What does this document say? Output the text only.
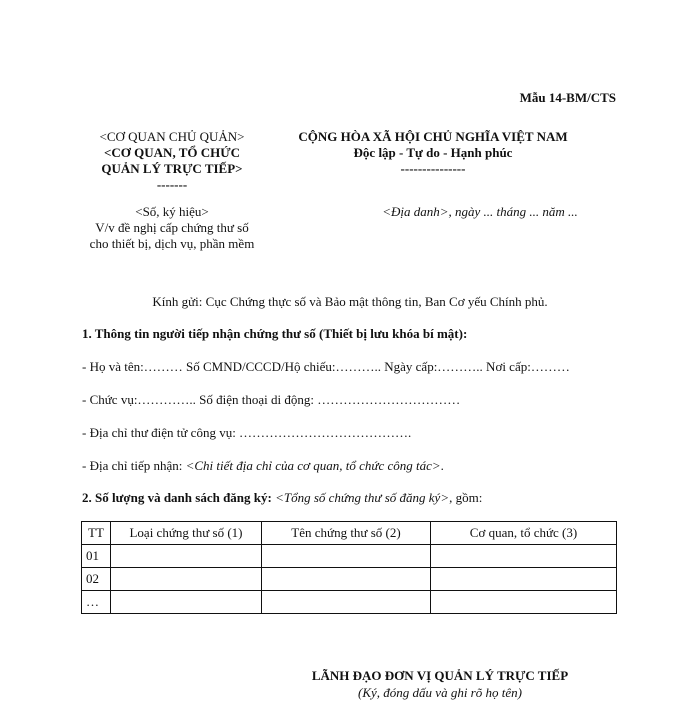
Mẫu 14-BM/CTS
<CƠ QUAN CHỦ QUẢN>
<CƠ QUAN, TỔ CHỨC
QUẢN LÝ TRỰC TIẾP>
-------
CỘNG HÒA XÃ HỘI CHỦ NGHĨA VIỆT NAM
Độc lập - Tự do - Hạnh phúc
---------------
<Số, ký hiệu>
V/v đề nghị cấp chứng thư số
cho thiết bị, dịch vụ, phần mềm
<Địa danh>, ngày ... tháng ... năm ...
Kính gửi: Cục Chứng thực số và Bảo mật thông tin, Ban Cơ yếu Chính phủ.
1. Thông tin người tiếp nhận chứng thư số (Thiết bị lưu khóa bí mật):
- Họ và tên:……… Số CMND/CCCD/Hộ chiếu:……….. Ngày cấp:……….. Nơi cấp:………
- Chức vụ:………….. Số điện thoại di động: ……………………………
- Địa chỉ thư điện tử công vụ: ………………………………….
- Địa chỉ tiếp nhận: <Chi tiết địa chỉ của cơ quan, tổ chức công tác>.
2. Số lượng và danh sách đăng ký: <Tổng số chứng thư số đăng ký>, gồm:
TT	Loại chứng thư số (1)	Tên chứng thư số (2)	Cơ quan, tổ chức (3)
01			
02			
…			
LÃNH ĐẠO ĐƠN VỊ QUẢN LÝ TRỰC TIẾP
(Ký, đóng dấu và ghi rõ họ tên)
